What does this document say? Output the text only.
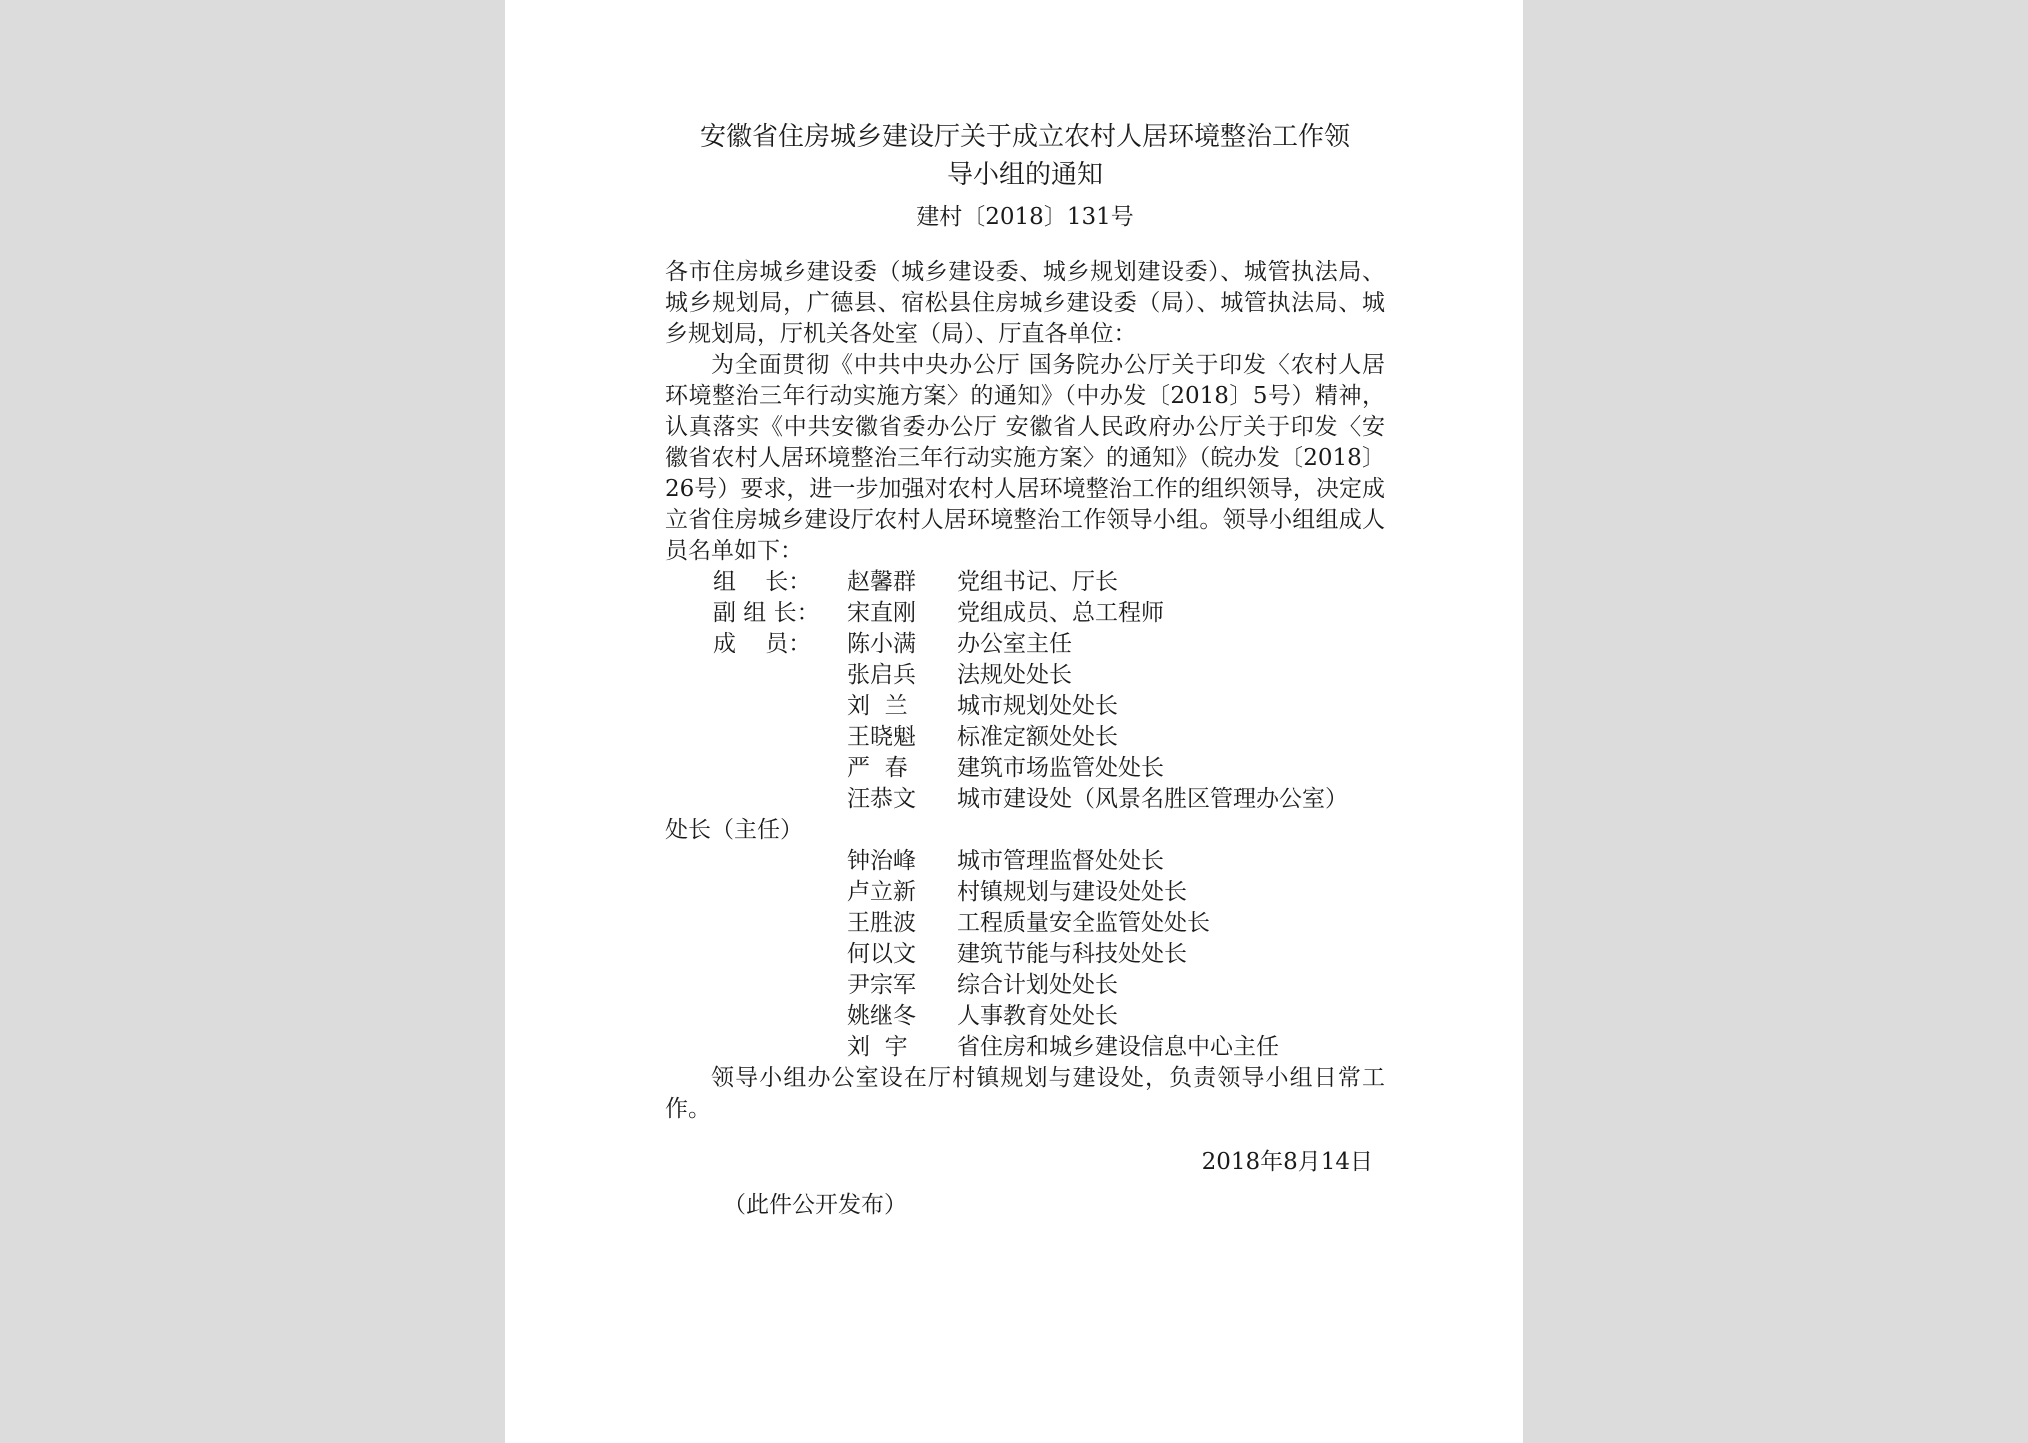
安徽省住房城乡建设厅关于成立农村人居环境整治工作领
导小组的通知
建村〔2018〕131号

各市住房城乡建设委（城乡建设委、城乡规划建设委）、城管执法局、城乡规划局，广德县、宿松县住房城乡建设委（局）、城管执法局、城乡规划局，厅机关各处室（局）、厅直各单位：

为全面贯彻《中共中央办公厅 国务院办公厅关于印发〈农村人居环境整治三年行动实施方案〉的通知》（中办发〔2018〕5号）精神，认真落实《中共安徽省委办公厅 安徽省人民政府办公厅关于印发〈安徽省农村人居环境整治三年行动实施方案〉的通知》（皖办发〔2018〕26号）要求，进一步加强对农村人居环境整治工作的组织领导，决定成立省住房城乡建设厅农村人居环境整治工作领导小组。领导小组组成人员名单如下：

组    长：	赵馨群	党组书记、厅长
副 组 长：	宋直刚	党组成员、总工程师
成    员：	陈小满	办公室主任
张启兵	法规处处长
刘  兰	城市规划处处长
王晓魁	标准定额处处长
严  春	建筑市场监管处处长
汪恭文	城市建设处（风景名胜区管理办公室）

处长（主任）

钟治峰	城市管理监督处处长
卢立新	村镇规划与建设处处长
王胜波	工程质量安全监管处处长
何以文	建筑节能与科技处处长
尹宗军	综合计划处处长
姚继冬	人事教育处处长
刘  宇	省住房和城乡建设信息中心主任

领导小组办公室设在厅村镇规划与建设处，负责领导小组日常工作。

2018年8月14日
（此件公开发布）
